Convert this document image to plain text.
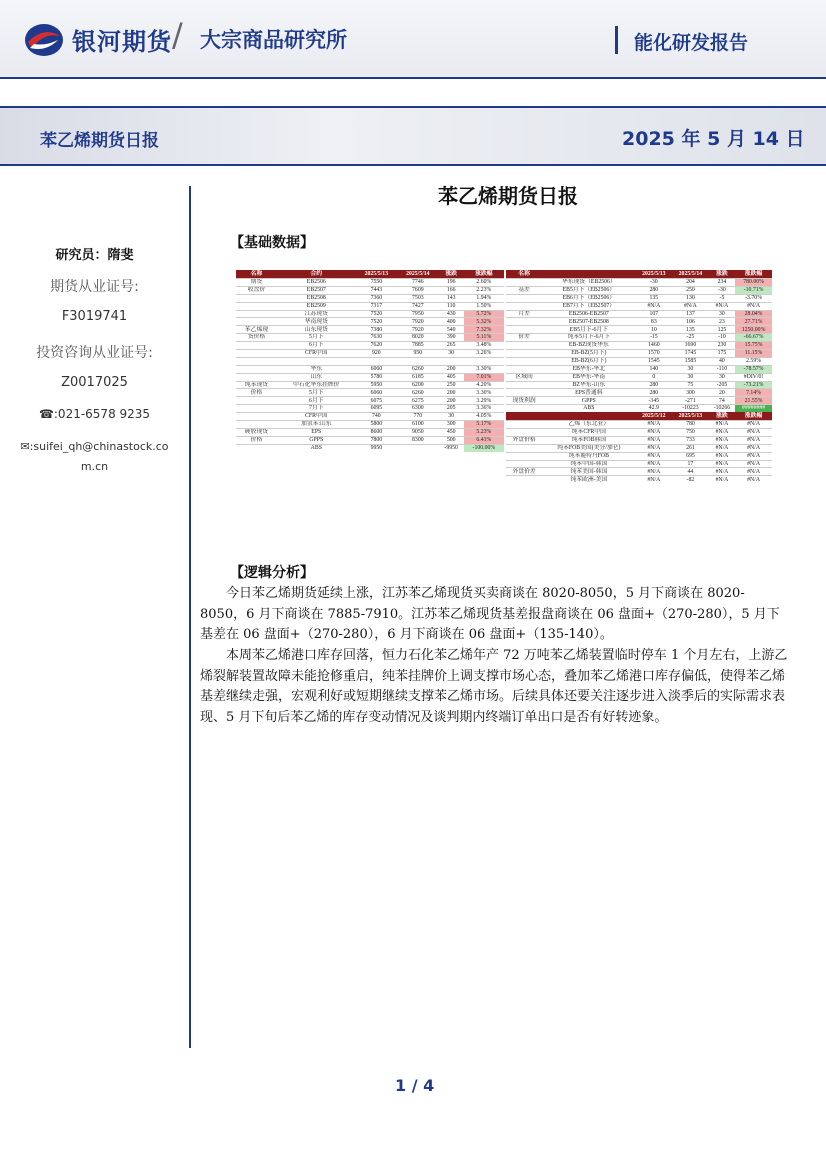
银河期货 / 大宗商品研究所	能化研发报告
苯乙烯期货日报	2025 年 5 月 14 日
研究员：隋斐
期货从业证号:
F3019741
投资咨询从业证号:
Z0017025
☎:021-6578 9235
✉:suifei_qh@chinastock.co
m.cn
苯乙烯期货日报
【基础数据】
名称	合约	2025/5/13	2025/5/14	涨跌	涨跌幅
期货	EB2506	7550	7746	196	2.60%
收盘价	EB2507	7443	7609	166	2.23%
	EB2508	7360	7503	143	1.94%
	EB2509	7317	7427	110	1.50%
	江苏现货	7520	7950	430	5.72%
	华南现货	7520	7920	400	5.32%
苯乙烯现	山东现货	7380	7920	540	7.32%
货价格	5月下	7630	8020	390	5.11%
	6月下	7620	7885	265	3.48%
	CFR中国	920	950	30	3.26%

	华东	6060	6260	200	3.30%
	山东	5780	6185	405	7.01%
纯苯现货	中石化华东挂牌价	5950	6200	250	4.20%
价格	5月下	6060	6260	200	3.30%
	6月下	6075	6275	200	3.29%
	7月下	6095	6300	205	3.36%
	CFR中国	740	770	30	4.05%
	加氢苯:山东	5800	6100	300	5.17%
硬胶现货	EPS	8600	9050	450	5.23%
价格	GPPS	7800	8300	500	6.41%
	ABS	9950		-9950	-100.00%
名称		2025/5/13	2025/5/14	涨跌	涨跌幅
	华东现货（EB2506）	-30	204	234	780.00%
基差	EB5月下（EB2506）	280	250	-30	-10.71%
	EB6月下（EB2506）	135	130	-5	-3.70%
	EB7月下（EB2507）	#N/A	#N/A	#N/A	#N/A
月差	EB2506-EB2507	107	137	30	28.04%
	EB2507-EB2508	83	106	23	27.71%
	EB5月下-6月下	10	135	125	1250.00%
价差	纯苯5月下-6月下	-15	-25	-10	-66.67%
	EB-BZ现货华东	1460	1690	230	15.75%
	EB-BZ(5月下)	1570	1745	175	11.15%
	EB-BZ(6月下)	1545	1585	40	2.59%
	EB华东-华北	140	30	-110	-78.57%
区域间	EB华东-华南	0	30	30	#DIV/0!
	BZ华东-山东	280	75	-205	-73.21%
	EPS普通料	280	300	20	7.14%
现货利润	GPPS	-345	-271	74	21.55%
	ABS	42.9	-10223	-10266	########
		2025/5/12	2025/5/13	涨跌	涨跌幅
	乙烯（东北亚）	#N/A	780	#N/A	#N/A
	纯苯CFR中国	#N/A	750	#N/A	#N/A
外盘价格	纯苯FOB韩国	#N/A	733	#N/A	#N/A
	纯苯FOB美国(美分/加仑)	#N/A	261	#N/A	#N/A
	纯苯鹿特丹FOB	#N/A	695	#N/A	#N/A
	纯苯中国-韩国	#N/A	17	#N/A	#N/A
外盘价差	纯苯美国-韩国	#N/A	44	#N/A	#N/A
	纯苯欧洲-美国	#N/A	-82	#N/A	#N/A
【逻辑分析】
今日苯乙烯期货延续上涨，江苏苯乙烯现货买卖商谈在 8020-8050，5 月下商谈在 8020-8050，6 月下商谈在 7885-7910。江苏苯乙烯现货基差报盘商谈在 06 盘面+（270-280），5 月下基差在 06 盘面+（270-280），6 月下商谈在 06 盘面+（135-140）。
本周苯乙烯港口库存回落，恒力石化苯乙烯年产 72 万吨苯乙烯装置临时停车 1 个月左右，上游乙烯裂解装置故障未能抢修重启，纯苯挂牌价上调支撑市场心态，叠加苯乙烯港口库存偏低，使得苯乙烯基差继续走强，宏观利好或短期继续支撑苯乙烯市场。后续具体还要关注逐步进入淡季后的实际需求表现、5 月下旬后苯乙烯的库存变动情况及谈判期内终端订单出口是否有好转迹象。
1 / 4
